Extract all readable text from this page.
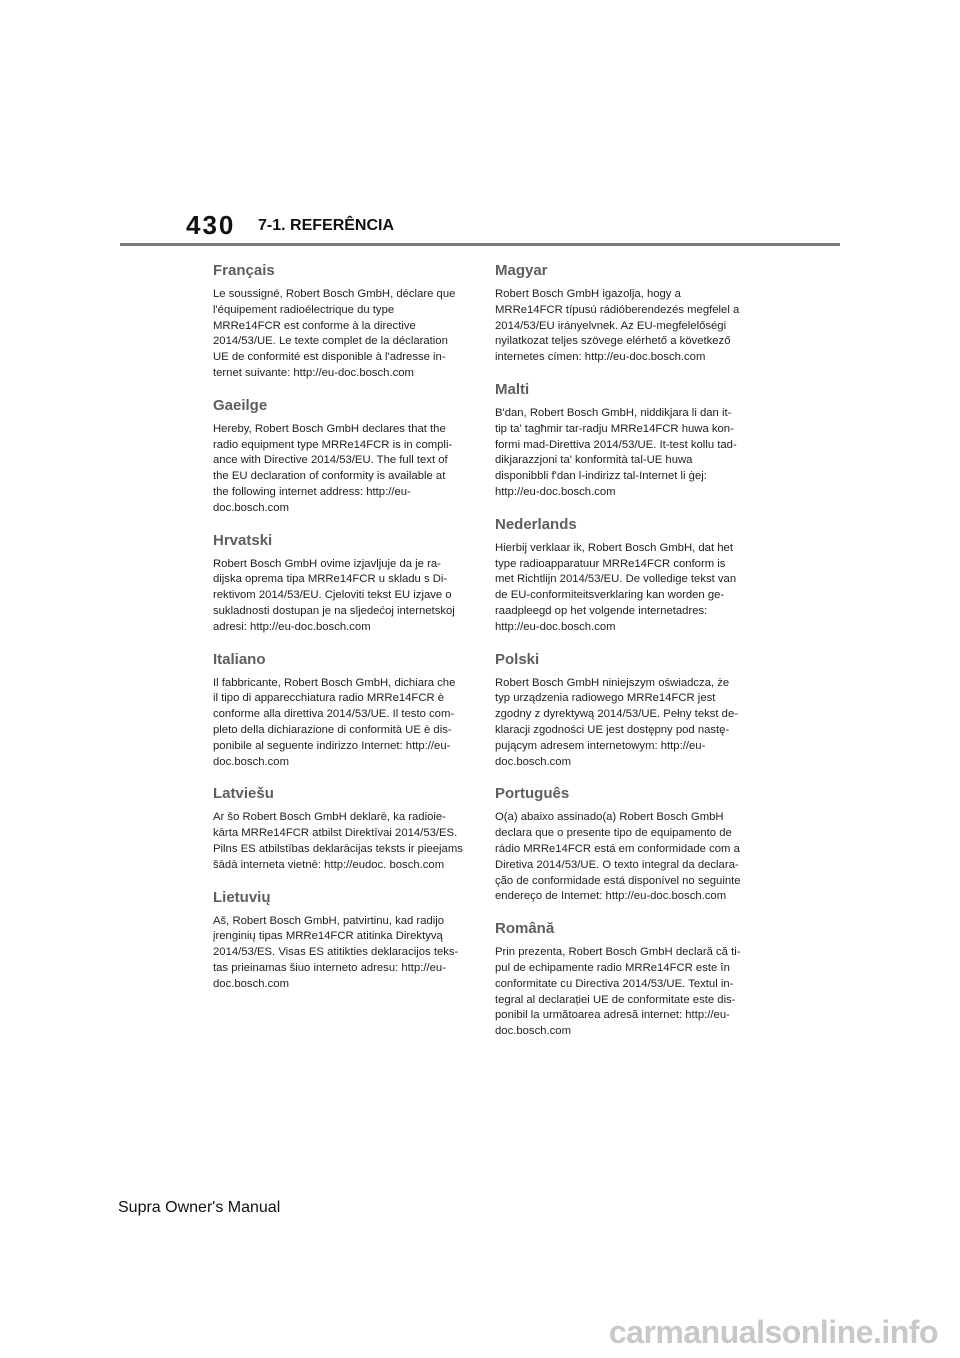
430 7-1. REFERÊNCIA
Français

Le soussigné, Robert Bosch GmbH, déclare que
l'équipement radioélectrique du type
MRRe14FCR est conforme à la directive
2014/53/UE. Le texte complet de la déclaration
UE de conformité est disponible à l'adresse in-
ternet suivante: http://eu-doc.bosch.com

Gaeilge

Hereby, Robert Bosch GmbH declares that the
radio equipment type MRRe14FCR is in compli-
ance with Directive 2014/53/EU. The full text of
the EU declaration of conformity is available at
the following internet address: http://eu-
doc.bosch.com

Hrvatski

Robert Bosch GmbH ovime izjavljuje da je ra-
dijska oprema tipa MRRe14FCR u skladu s Di-
rektivom 2014/53/EU. Cjeloviti tekst EU izjave o
sukladnosti dostupan je na sljedećoj internetskoj
adresi: http://eu-doc.bosch.com

Italiano

Il fabbricante, Robert Bosch GmbH, dichiara che
il tipo di apparecchiatura radio MRRe14FCR è
conforme alla direttiva 2014/53/UE. Il testo com-
pleto della dichiarazione di conformità UE è dis-
ponibile al seguente indirizzo Internet: http://eu-
doc.bosch.com

Latviešu

Ar šo Robert Bosch GmbH deklarē, ka radioie-
kārta MRRe14FCR atbilst Direktīvai 2014/53/ES.
Pilns ES atbilstības deklarācijas teksts ir pieejams
šādā interneta vietnē: http://eudoc. bosch.com

Lietuvių

Aš, Robert Bosch GmbH, patvirtinu, kad radijo
įrenginių tipas MRRe14FCR atitinka Direktyvą
2014/53/ES. Visas ES atitikties deklaracijos teks-
tas prieinamas šiuo interneto adresu: http://eu-
doc.bosch.com

Magyar

Robert Bosch GmbH igazolja, hogy a
MRRe14FCR típusú rádióberendezés megfelel a
2014/53/EU irányelvnek. Az EU-megfelelőségi
nyilatkozat teljes szövege elérhető a következő
internetes címen: http://eu-doc.bosch.com

Malti

B'dan, Robert Bosch GmbH, niddikjara li dan it-
tip ta' tagħmir tar-radju MRRe14FCR huwa kon-
formi mad-Direttiva 2014/53/UE. It-test kollu tad-
dikjarazzjoni ta' konformità tal-UE huwa
disponibbli f'dan l-indirizz tal-Internet li ġej:
http://eu-doc.bosch.com

Nederlands

Hierbij verklaar ik, Robert Bosch GmbH, dat het
type radioapparatuur MRRe14FCR conform is
met Richtlijn 2014/53/EU. De volledige tekst van
de EU-conformiteitsverklaring kan worden ge-
raadpleegd op het volgende internetadres:
http://eu-doc.bosch.com

Polski

Robert Bosch GmbH niniejszym oświadcza, że
typ urządzenia radiowego MRRe14FCR jest
zgodny z dyrektywą 2014/53/UE. Pełny tekst de-
klaracji zgodności UE jest dostępny pod nastę-
pującym adresem internetowym: http://eu-
doc.bosch.com

Português

O(a) abaixo assinado(a) Robert Bosch GmbH
declara que o presente tipo de equipamento de
rádio MRRe14FCR está em conformidade com a
Diretiva 2014/53/UE. O texto integral da declara-
ção de conformidade está disponível no seguinte
endereço de Internet: http://eu-doc.bosch.com

Română

Prin prezenta, Robert Bosch GmbH declară că ti-
pul de echipamente radio MRRe14FCR este în
conformitate cu Directiva 2014/53/UE. Textul in-
tegral al declarației UE de conformitate este dis-
ponibil la următoarea adresă internet: http://eu-
doc.bosch.com

Supra Owner's Manual
carmanualsonline.info
